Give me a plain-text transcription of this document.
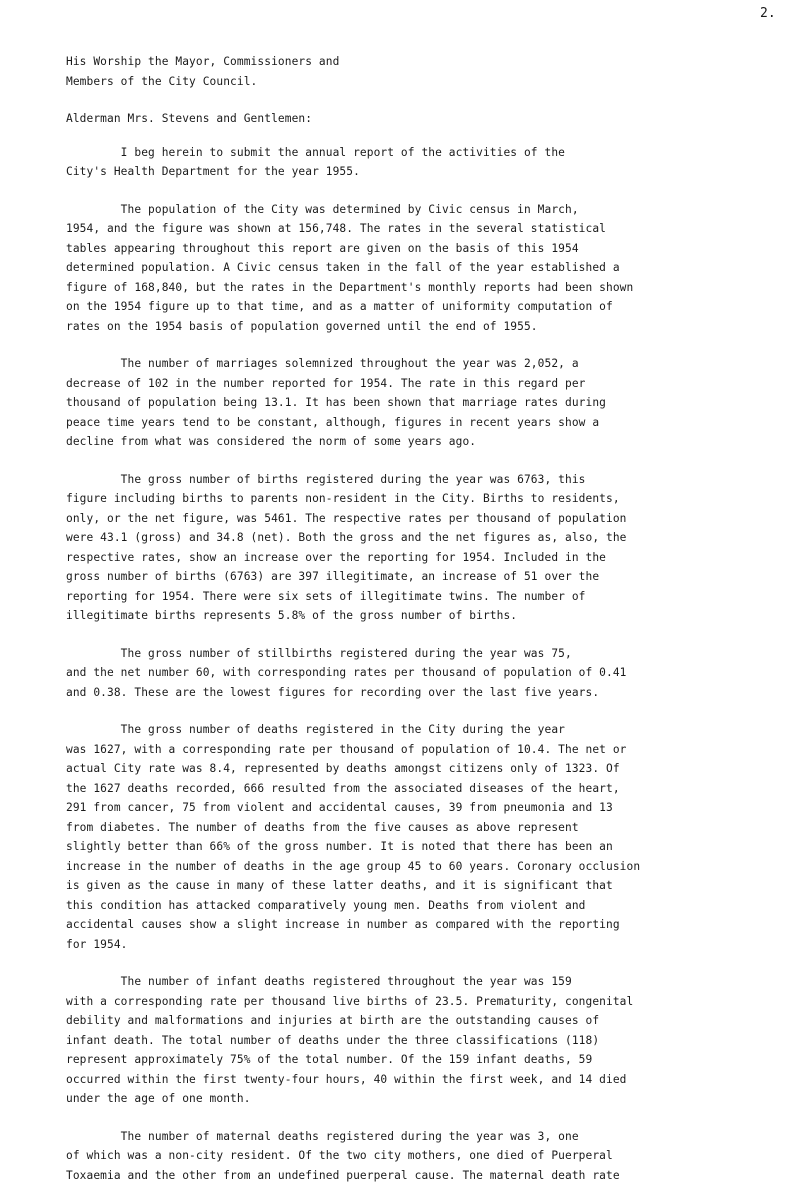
2.
His Worship the Mayor, Commissioners and
Members of the City Council.
Alderman Mrs. Stevens and Gentlemen:
I beg herein to submit the annual report of the activities of the
City's Health Department for the year 1955.
The population of the City was determined by Civic census in March,
1954, and the figure was shown at 156,748. The rates in the several statistical
tables appearing throughout this report are given on the basis of this 1954
determined population. A Civic census taken in the fall of the year established a
figure of 168,840, but the rates in the Department's monthly reports had been shown
on the 1954 figure up to that time, and as a matter of uniformity computation of
rates on the 1954 basis of population governed until the end of 1955.
The number of marriages solemnized throughout the year was 2,052, a
decrease of 102 in the number reported for 1954. The rate in this regard per
thousand of population being 13.1. It has been shown that marriage rates during
peace time years tend to be constant, although, figures in recent years show a
decline from what was considered the norm of some years ago.
The gross number of births registered during the year was 6763, this
figure including births to parents non-resident in the City. Births to residents,
only, or the net figure, was 5461. The respective rates per thousand of population
were 43.1 (gross) and 34.8 (net). Both the gross and the net figures as, also, the
respective rates, show an increase over the reporting for 1954. Included in the
gross number of births (6763) are 397 illegitimate, an increase of 51 over the
reporting for 1954. There were six sets of illegitimate twins. The number of
illegitimate births represents 5.8% of the gross number of births.
The gross number of stillbirths registered during the year was 75,
and the net number 60, with corresponding rates per thousand of population of 0.41
and 0.38. These are the lowest figures for recording over the last five years.
The gross number of deaths registered in the City during the year
was 1627, with a corresponding rate per thousand of population of 10.4. The net or
actual City rate was 8.4, represented by deaths amongst citizens only of 1323. Of
the 1627 deaths recorded, 666 resulted from the associated diseases of the heart,
291 from cancer, 75 from violent and accidental causes, 39 from pneumonia and 13
from diabetes. The number of deaths from the five causes as above represent
slightly better than 66% of the gross number. It is noted that there has been an
increase in the number of deaths in the age group 45 to 60 years. Coronary occlusion
is given as the cause in many of these latter deaths, and it is significant that
this condition has attacked comparatively young men. Deaths from violent and
accidental causes show a slight increase in number as compared with the reporting
for 1954.
The number of infant deaths registered throughout the year was 159
with a corresponding rate per thousand live births of 23.5. Prematurity, congenital
debility and malformations and injuries at birth are the outstanding causes of
infant death. The total number of deaths under the three classifications (118)
represent approximately 75% of the total number. Of the 159 infant deaths, 59
occurred within the first twenty-four hours, 40 within the first week, and 14 died
under the age of one month.
The number of maternal deaths registered during the year was 3, one
of which was a non-city resident. Of the two city mothers, one died of Puerperal
Toxaemia and the other from an undefined puerperal cause. The maternal death rate
